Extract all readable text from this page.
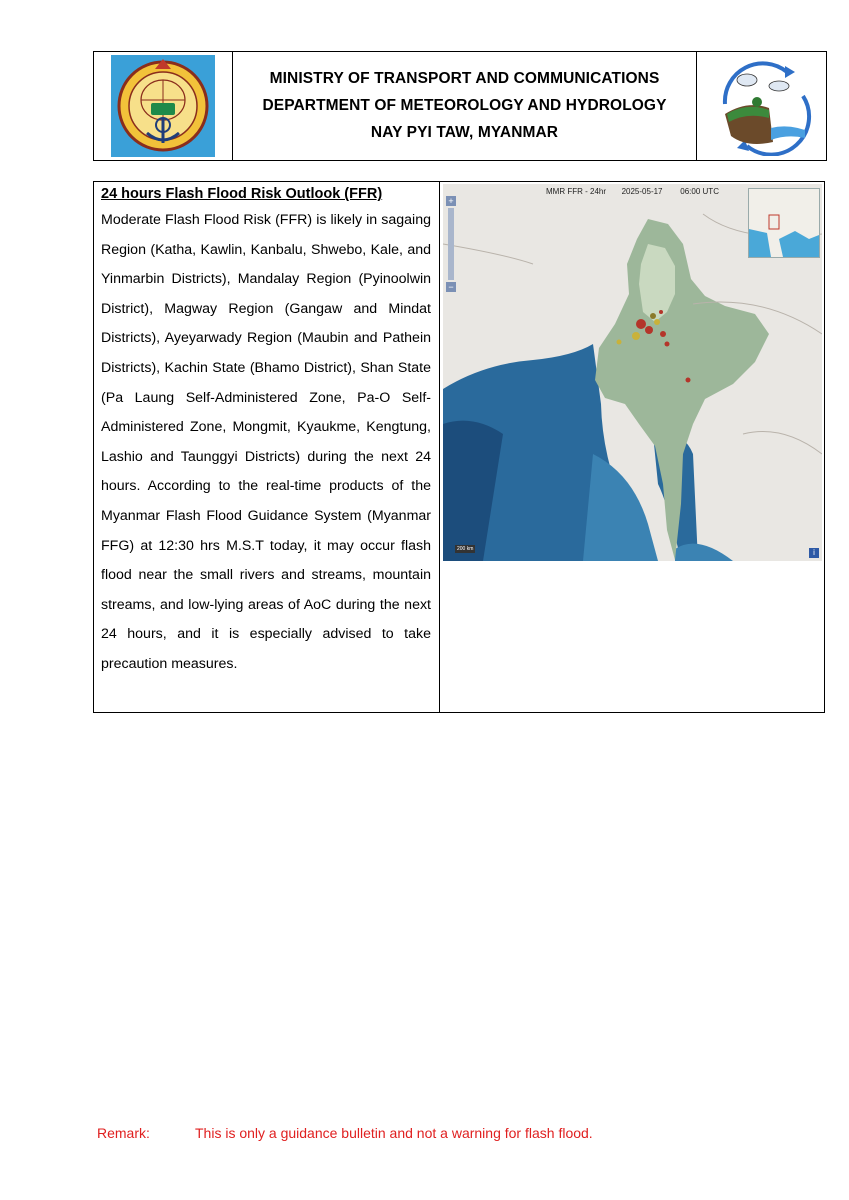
MINISTRY OF TRANSPORT AND COMMUNICATIONS
DEPARTMENT OF METEOROLOGY AND HYDROLOGY
NAY PYI TAW, MYANMAR
24 hours Flash Flood Risk Outlook (FFR)

Moderate Flash Flood Risk (FFR) is likely in sagaing Region (Katha, Kawlin, Kanbalu, Shwebo, Kale, and Yinmarbin Districts), Mandalay Region (Pyinoolwin District), Magway Region (Gangaw and Mindat Districts), Ayeyarwady Region (Maubin and Pathein Districts), Kachin State (Bhamo District), Shan State (Pa Laung Self-Administered Zone, Pa-O Self-Administered Zone, Mongmit, Kyaukme, Kengtung, Lashio and Taunggyi Districts) during the next 24 hours. According to the real-time products of the Myanmar Flash Flood Guidance System (Myanmar FFG) at 12:30 hrs M.S.T today, it may occur flash flood near the small rivers and streams, mountain streams, and low-lying areas of AoC during the next 24 hours, and it is especially advised to take precaution measures.

MMR FFR - 24hr 2025-05-17 06:00 UTC
+
−
200 km	i
Remark:	This is only a guidance bulletin and not a warning for flash flood.
